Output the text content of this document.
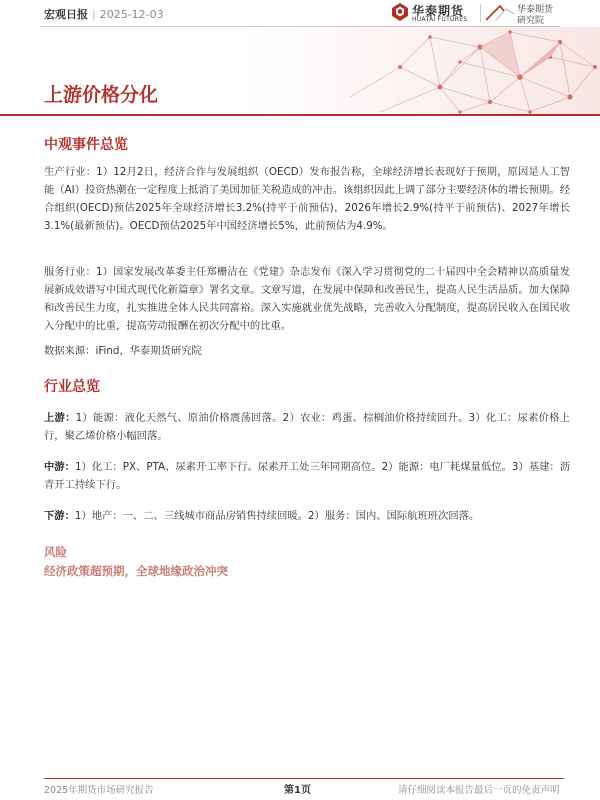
宏观日报 | 2025-12-03	华泰期货
HUATAI FUTURES
华泰期货
研究院
上游价格分化
中观事件总览
生产行业：1）12月2日，经济合作与发展组织（OECD）发布报告称，全球经济增长表现好于预期，原因是人工智能（AI）投资热潮在一定程度上抵消了美国加征关税造成的冲击。该组织因此上调了部分主要经济体的增长预期。经合组织(OECD)预估2025年全球经济增长3.2%(持平于前预估)，2026年增长2.9%(持平于前预估)、2027年增长3.1%(最新预估)。OECD预估2025年中国经济增长5%，此前预估为4.9%。
服务行业：1）国家发展改革委主任郑栅洁在《党建》杂志发布《深入学习贯彻党的二十届四中全会精神以高质量发展新成效谱写中国式现代化新篇章》署名文章。文章写道，在发展中保障和改善民生，提高人民生活品质。加大保障和改善民生力度，扎实推进全体人民共同富裕。深入实施就业优先战略，完善收入分配制度，提高居民收入在国民收入分配中的比重，提高劳动报酬在初次分配中的比重。
数据来源：iFind，华泰期货研究院
行业总览
上游：1）能源：液化天然气、原油价格震荡回落。2）农业：鸡蛋、棕榈油价格持续回升。3）化工：尿素价格上行，聚乙烯价格小幅回落。
中游：1）化工：PX、PTA、尿素开工率下行。尿素开工处三年同期高位。2）能源：电厂耗煤量低位。3）基建：沥青开工持续下行。
下游：1）地产：一、二、三线城市商品房销售持续回暖。2）服务：国内、国际航班班次回落。
风险
经济政策超预期，全球地缘政治冲突
2025年期货市场研究报告	第1页	请仔细阅读本报告最后一页的免责声明
